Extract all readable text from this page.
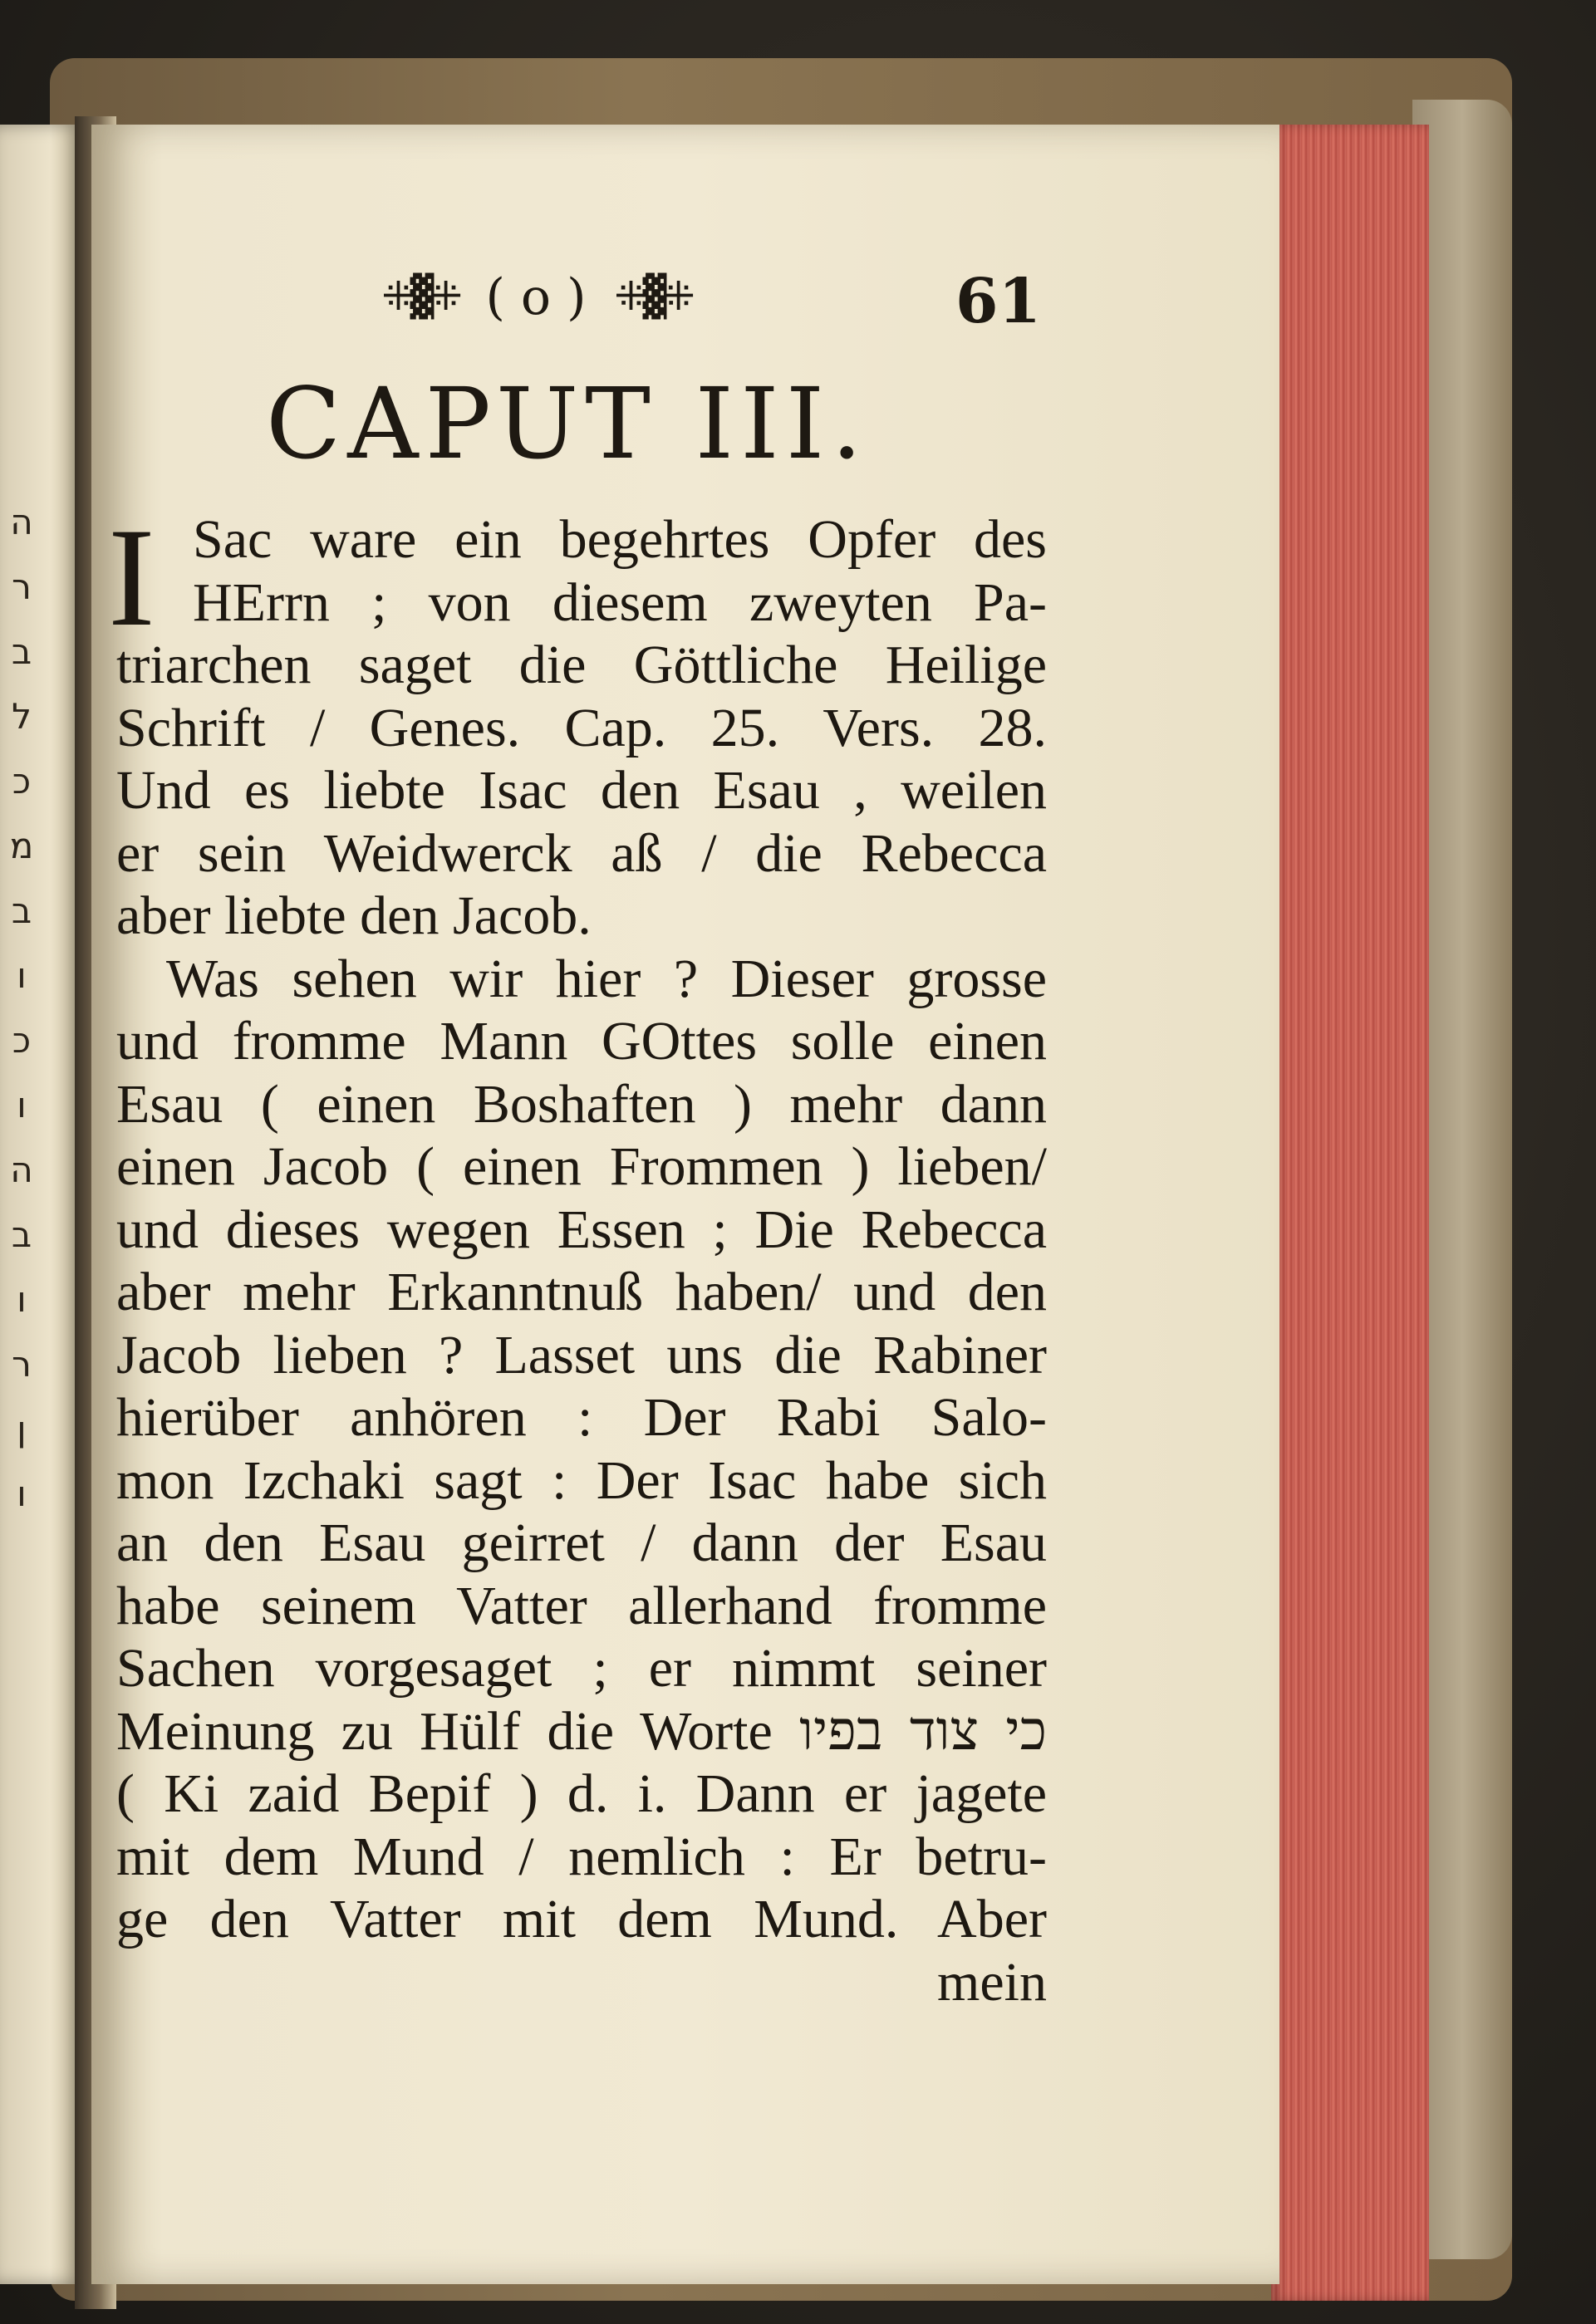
ה
ר
ב
ל
כ
מ
ב
ו
כ
ו
ה
ב
ו
ר
ן
ו
⁜▓⁜ ( o ) ⁜▓⁜	61
CAPUT III.
I Sac ware ein begehrtes Opfer des
HErrn ; von diesem zweyten Pa-
triarchen saget die Göttliche Heilige
Schrift / Genes. Cap. 25. Vers. 28.
Und es liebte Isac den Esau , weilen
er sein Weidwerck aß / die Rebecca
aber liebte den Jacob.
Was sehen wir hier ? Dieser grosse
und fromme Mann GOttes solle einen
Esau ( einen Boshaften ) mehr dann
einen Jacob ( einen Frommen ) lieben/
und dieses wegen Essen ; Die Rebecca
aber mehr Erkanntnuß haben/ und den
Jacob lieben ? Lasset uns die Rabiner
hierüber anhören : Der Rabi Salo-
mon Izchaki sagt : Der Isac habe sich
an den Esau geirret / dann der Esau
habe seinem Vatter allerhand fromme
Sachen vorgesaget ; er nimmt seiner
Meinung zu Hülf die Worte כי צוד בפיו
( Ki zaid Bepif ) d. i. Dann er jagete
mit dem Mund / nemlich : Er betru-
ge den Vatter mit dem Mund. Aber
mein
